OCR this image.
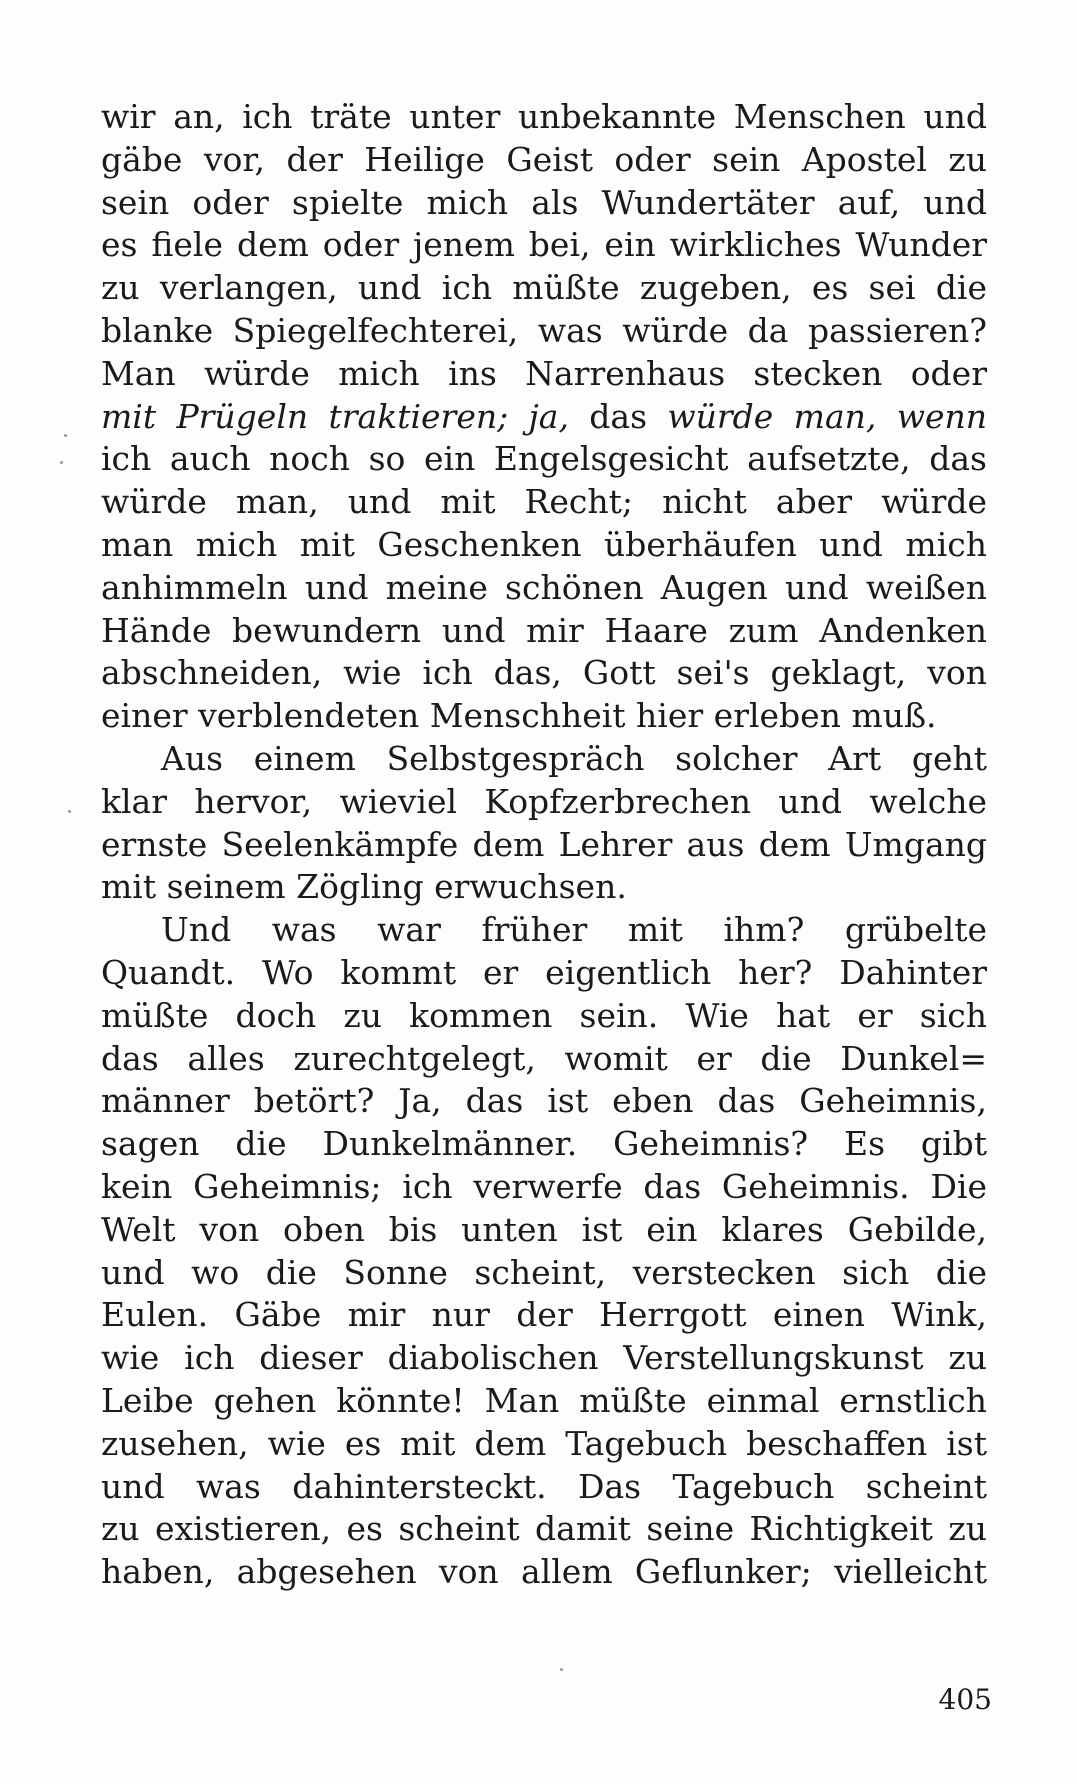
wir an, ich träte unter unbekannte Menschen und
gäbe vor, der Heilige Geist oder sein Apostel zu
sein oder spielte mich als Wundertäter auf, und
es fiele dem oder jenem bei, ein wirkliches Wunder
zu verlangen, und ich müßte zugeben, es sei die
blanke Spiegelfechterei, was würde da passieren?
Man würde mich ins Narrenhaus stecken oder
mit Prügeln traktieren; ja, das würde man, wenn
ich auch noch so ein Engelsgesicht aufsetzte, das
würde man, und mit Recht; nicht aber würde
man mich mit Geschenken überhäufen und mich
anhimmeln und meine schönen Augen und weißen
Hände bewundern und mir Haare zum Andenken
abschneiden, wie ich das, Gott sei's geklagt, von
einer verblendeten Menschheit hier erleben muß.
Aus einem Selbstgespräch solcher Art geht
klar hervor, wieviel Kopfzerbrechen und welche
ernste Seelenkämpfe dem Lehrer aus dem Umgang
mit seinem Zögling erwuchsen.
Und was war früher mit ihm? grübelte
Quandt. Wo kommt er eigentlich her? Dahinter
müßte doch zu kommen sein. Wie hat er sich
das alles zurechtgelegt, womit er die Dunkel=
männer betört? Ja, das ist eben das Geheimnis,
sagen die Dunkelmänner. Geheimnis? Es gibt
kein Geheimnis; ich verwerfe das Geheimnis. Die
Welt von oben bis unten ist ein klares Gebilde,
und wo die Sonne scheint, verstecken sich die
Eulen. Gäbe mir nur der Herrgott einen Wink,
wie ich dieser diabolischen Verstellungskunst zu
Leibe gehen könnte! Man müßte einmal ernstlich
zusehen, wie es mit dem Tagebuch beschaffen ist
und was dahintersteckt. Das Tagebuch scheint
zu existieren, es scheint damit seine Richtigkeit zu
haben, abgesehen von allem Geflunker; vielleicht
405
